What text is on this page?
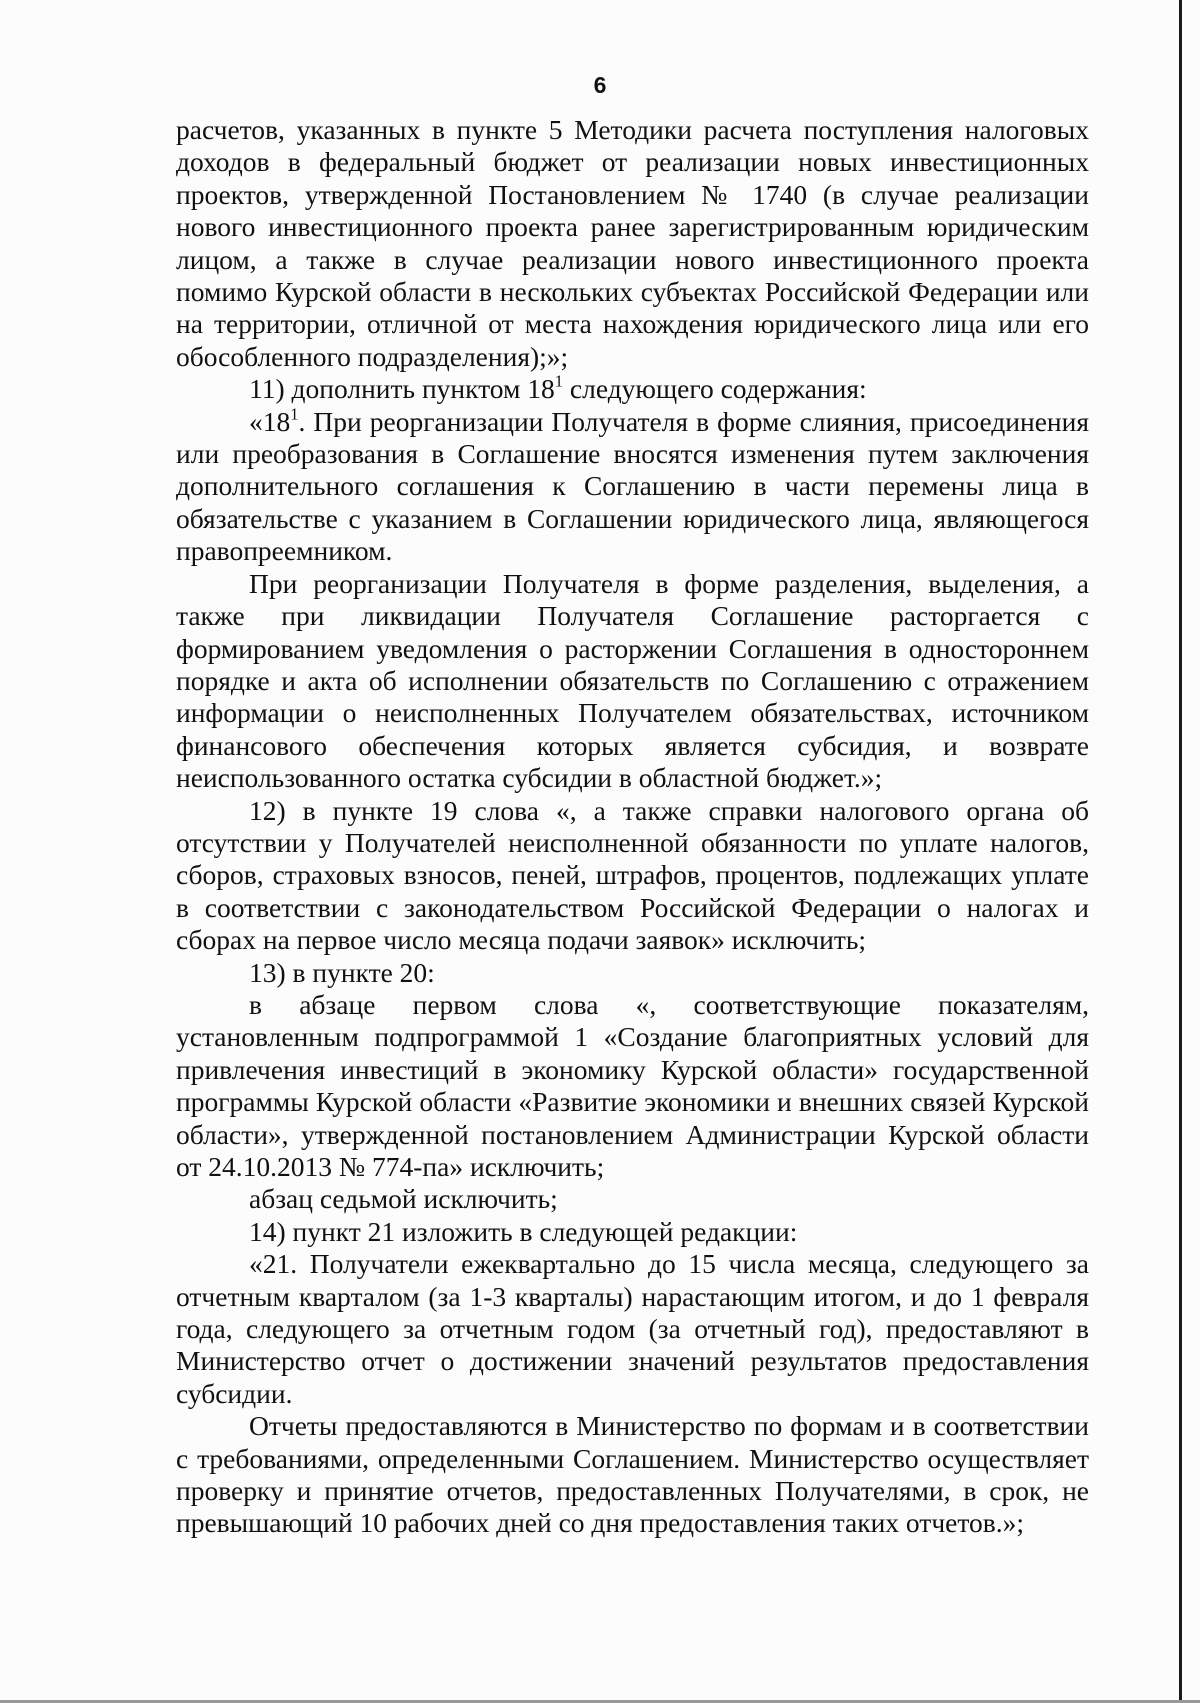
6

расчетов, указанных в пункте 5 Методики расчета поступления налоговых доходов в федеральный бюджет от реализации новых инвестиционных проектов, утвержденной Постановлением № 1740 (в случае реализации нового инвестиционного проекта ранее зарегистрированным юридическим лицом, а также в случае реализации нового инвестиционного проекта помимо Курской области в нескольких субъектах Российской Федерации или на территории, отличной от места нахождения юридического лица или его обособленного подразделения);»;

11) дополнить пунктом $18^1$ следующего содержания:

«$18^1$. При реорганизации Получателя в форме слияния, присоединения или преобразования в Соглашение вносятся изменения путем заключения дополнительного соглашения к Соглашению в части перемены лица в обязательстве с указанием в Соглашении юридического лица, являющегося правопреемником.

При реорганизации Получателя в форме разделения, выделения, а также при ликвидации Получателя Соглашение расторгается с формированием уведомления о расторжении Соглашения в одностороннем порядке и акта об исполнении обязательств по Соглашению с отражением информации о неисполненных Получателем обязательствах, источником финансового обеспечения которых является субсидия, и возврате неиспользованного остатка субсидии в областной бюджет.»;

12) в пункте 19 слова «, а также справки налогового органа об отсутствии у Получателей неисполненной обязанности по уплате налогов, сборов, страховых взносов, пеней, штрафов, процентов, подлежащих уплате в соответствии с законодательством Российской Федерации о налогах и сборах на первое число месяца подачи заявок» исключить;

13) в пункте 20:

в абзаце первом слова «, соответствующие показателям, установленным подпрограммой 1 «Создание благоприятных условий для привлечения инвестиций в экономику Курской области» государственной программы Курской области «Развитие экономики и внешних связей Курской области», утвержденной постановлением Администрации Курской области от 24.10.2013 № 774-па» исключить;

абзац седьмой исключить;

14) пункт 21 изложить в следующей редакции:

«21. Получатели ежеквартально до 15 числа месяца, следующего за отчетным кварталом (за 1-3 кварталы) нарастающим итогом, и до 1 февраля года, следующего за отчетным годом (за отчетный год), предоставляют в Министерство отчет о достижении значений результатов предоставления субсидии.

Отчеты предоставляются в Министерство по формам и в соответствии с требованиями, определенными Соглашением. Министерство осуществляет проверку и принятие отчетов, предоставленных Получателями, в срок, не превышающий 10 рабочих дней со дня предоставления таких отчетов.»;
